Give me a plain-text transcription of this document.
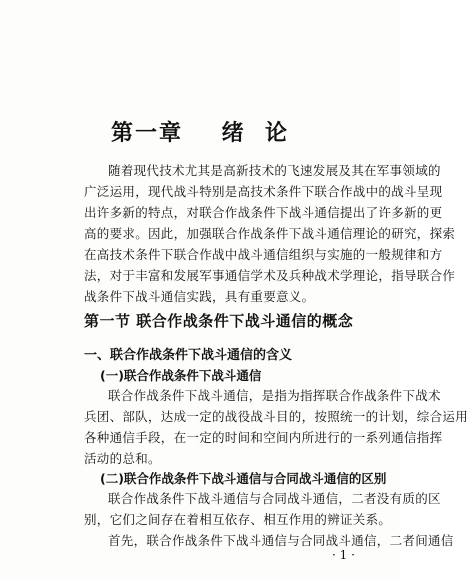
第一章    绪  论
随着现代技术尤其是高新技术的飞速发展及其在军事领域的
广泛运用，现代战斗特别是高技术条件下联合作战中的战斗呈现
出许多新的特点，对联合作战条件下战斗通信提出了许多新的更
高的要求。因此，加强联合作战条件下战斗通信理论的研究，探索
在高技术条件下联合作战中战斗通信组织与实施的一般规律和方
法，对于丰富和发展军事通信学术及兵种战术学理论，指导联合作
战条件下战斗通信实践，具有重要意义。
第一节 联合作战条件下战斗通信的概念
一、联合作战条件下战斗通信的含义
(一)联合作战条件下战斗通信
联合作战条件下战斗通信，是指为指挥联合作战条件下战术
兵团、部队，达成一定的战役战斗目的，按照统一的计划，综合运用
各种通信手段，在一定的时间和空间内所进行的一系列通信指挥
活动的总和。
(二)联合作战条件下战斗通信与合同战斗通信的区别
联合作战条件下战斗通信与合同战斗通信，二者没有质的区
别，它们之间存在着相互依存、相互作用的辨证关系。
首先，联合作战条件下战斗通信与合同战斗通信，二者间通信
· 1 ·
